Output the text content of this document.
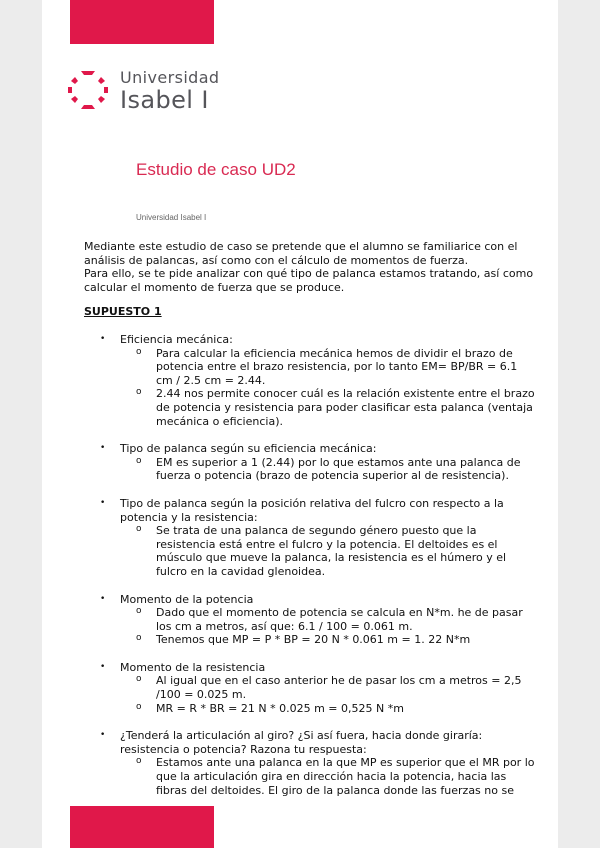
Universidad
Isabel I
Estudio de caso UD2
Universidad Isabel I

Mediante este estudio de caso se pretende que el alumno se familiarice con el análisis de palancas, así como con el cálculo de momentos de fuerza.

Para ello, se te pide analizar con qué tipo de palanca estamos tratando, así como calcular el momento de fuerza que se produce.

SUPUESTO 1
• Eficiencia mecánica:
o Para calcular la eficiencia mecánica hemos de dividir el brazo de potencia entre el brazo resistencia, por lo tanto EM= BP/BR = 6.1 cm / 2.5 cm = 2.44.
o 2.44 nos permite conocer cuál es la relación existente entre el brazo de potencia y resistencia para poder clasificar esta palanca (ventaja mecánica o eficiencia).
• Tipo de palanca según su eficiencia mecánica:
o EM es superior a 1 (2.44) por lo que estamos ante una palanca de fuerza o potencia (brazo de potencia superior al de resistencia).
• Tipo de palanca según la posición relativa del fulcro con respecto a la potencia y la resistencia:
o Se trata de una palanca de segundo género puesto que la resistencia está entre el fulcro y la potencia. El deltoides es el músculo que mueve la palanca, la resistencia es el húmero y el fulcro en la cavidad glenoidea.
• Momento de la potencia
o Dado que el momento de potencia se calcula en N*m. he de pasar los cm a metros, así que: 6.1 / 100 = 0.061 m.
o Tenemos que MP = P * BP = 20 N * 0.061 m = 1. 22 N*m
• Momento de la resistencia
o Al igual que en el caso anterior he de pasar los cm a metros = 2,5 /100 = 0.025 m.
o MR = R * BR = 21 N * 0.025 m = 0,525 N *m
• ¿Tenderá la articulación al giro? ¿Si así fuera, hacia donde giraría: resistencia o potencia? Razona tu respuesta:
o Estamos ante una palanca en la que MP es superior que el MR por lo que la articulación gira en dirección hacia la potencia, hacia las fibras del deltoides. El giro de la palanca donde las fuerzas no se
